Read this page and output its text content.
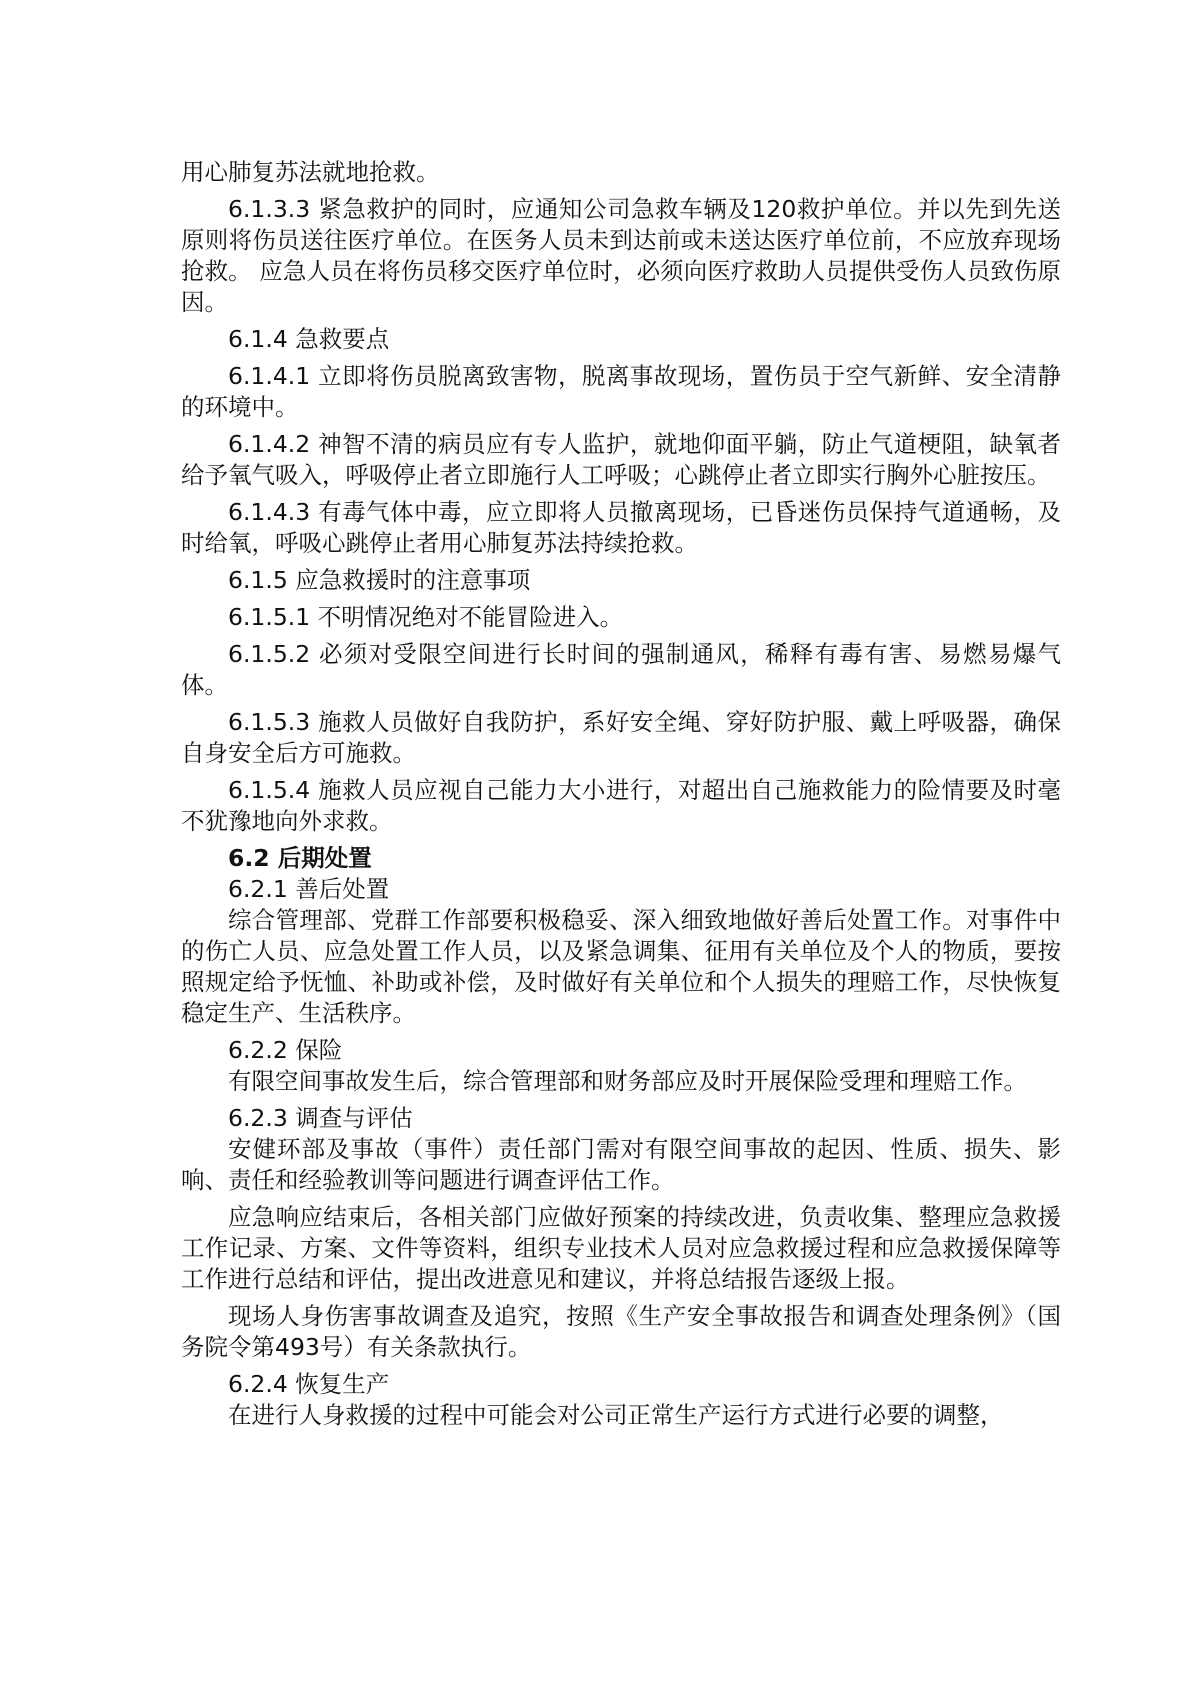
用心肺复苏法就地抢救。

6.1.3.3 紧急救护的同时，应通知公司急救车辆及120救护单位。并以先到先送原则将伤员送往医疗单位。在医务人员未到达前或未送达医疗单位前，不应放弃现场抢救。 应急人员在将伤员移交医疗单位时，必须向医疗救助人员提供受伤人员致伤原因。

6.1.4 急救要点

6.1.4.1 立即将伤员脱离致害物，脱离事故现场，置伤员于空气新鲜、安全清静的环境中。

6.1.4.2 神智不清的病员应有专人监护，就地仰面平躺，防止气道梗阻，缺氧者给予氧气吸入，呼吸停止者立即施行人工呼吸；心跳停止者立即实行胸外心脏按压。

6.1.4.3 有毒气体中毒，应立即将人员撤离现场，已昏迷伤员保持气道通畅，及时给氧，呼吸心跳停止者用心肺复苏法持续抢救。

6.1.5 应急救援时的注意事项

6.1.5.1 不明情况绝对不能冒险进入。

6.1.5.2 必须对受限空间进行长时间的强制通风，稀释有毒有害、易燃易爆气体。

6.1.5.3 施救人员做好自我防护，系好安全绳、穿好防护服、戴上呼吸器，确保自身安全后方可施救。

6.1.5.4 施救人员应视自己能力大小进行，对超出自己施救能力的险情要及时毫不犹豫地向外求救。

6.2 后期处置

6.2.1 善后处置

综合管理部、党群工作部要积极稳妥、深入细致地做好善后处置工作。对事件中的伤亡人员、应急处置工作人员，以及紧急调集、征用有关单位及个人的物质，要按照规定给予怃恤、补助或补偿，及时做好有关单位和个人损失的理赔工作，尽快恢复稳定生产、生活秩序。

6.2.2 保险

有限空间事故发生后，综合管理部和财务部应及时开展保险受理和理赔工作。

6.2.3 调查与评估

安健环部及事故（事件）责任部门需对有限空间事故的起因、性质、损失、影响、责任和经验教训等问题进行调查评估工作。

应急响应结束后，各相关部门应做好预案的持续改进，负责收集、整理应急救援工作记录、方案、文件等资料，组织专业技术人员对应急救援过程和应急救援保障等工作进行总结和评估，提出改进意见和建议，并将总结报告逐级上报。

现场人身伤害事故调查及追究，按照《生产安全事故报告和调查处理条例》（国务院令第493号）有关条款执行。

6.2.4 恢复生产

在进行人身救援的过程中可能会对公司正常生产运行方式进行必要的调整，
